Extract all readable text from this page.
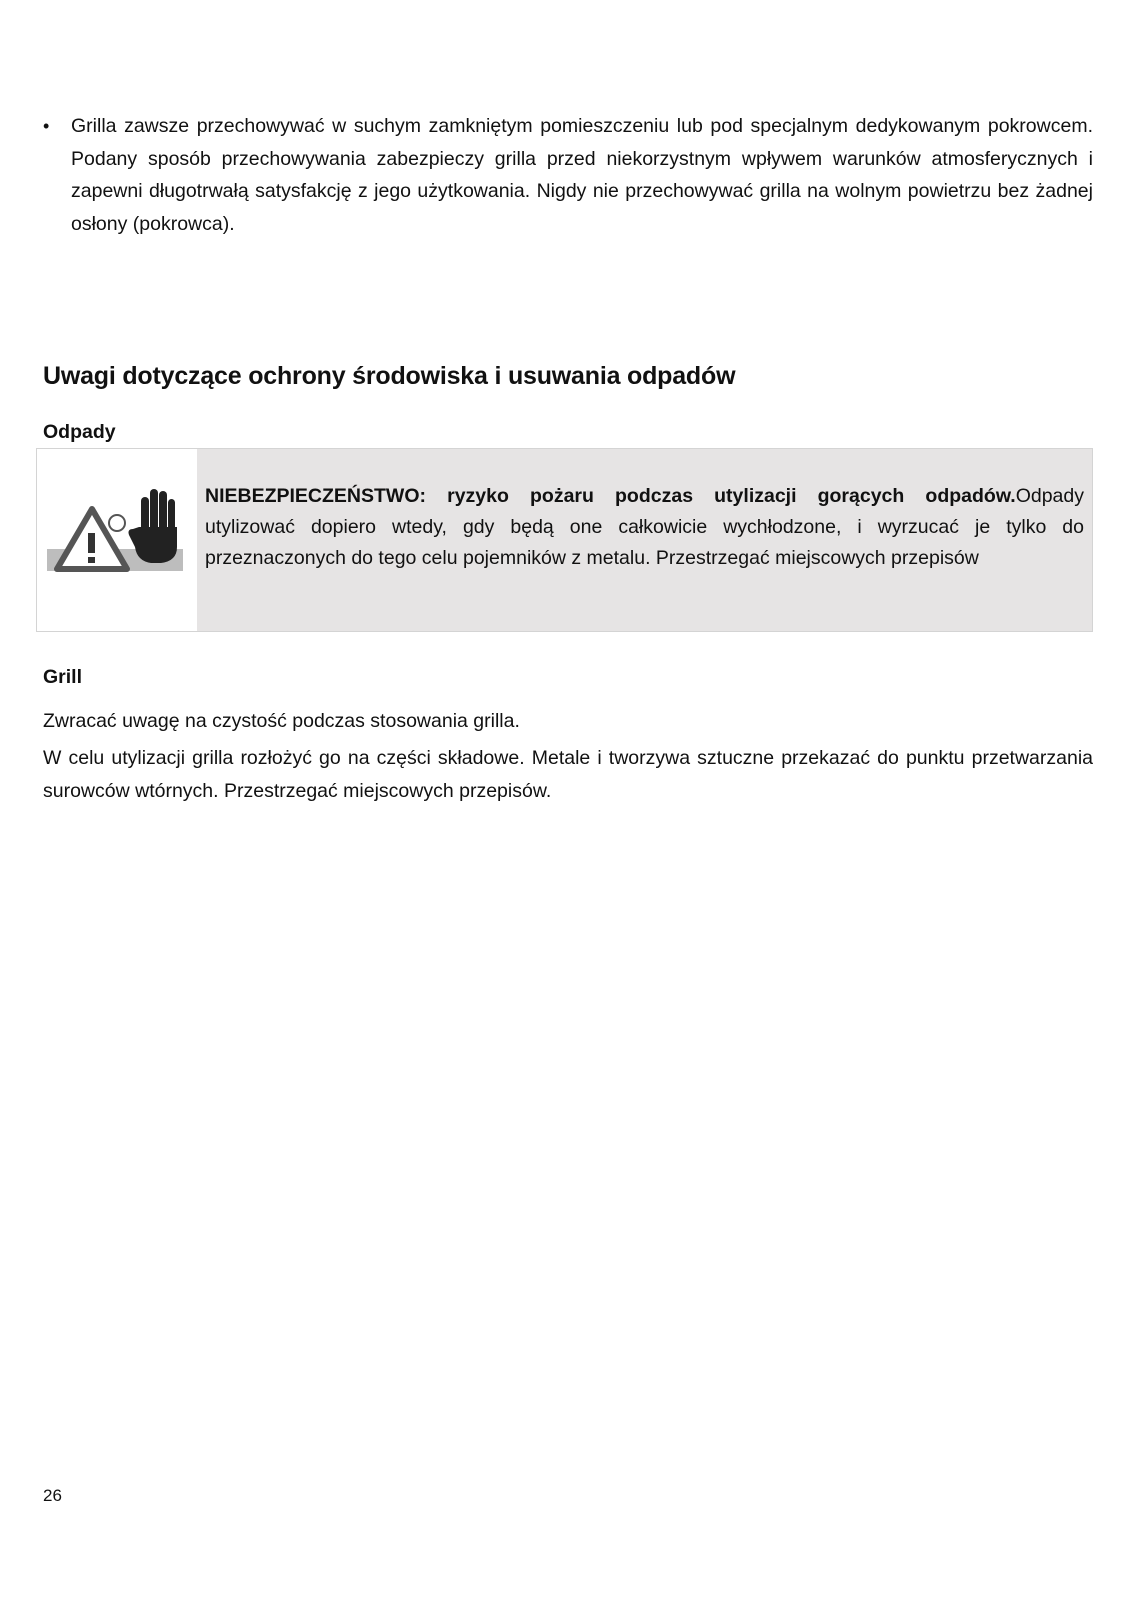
• Grilla zawsze przechowywać w suchym zamkniętym pomieszczeniu lub pod specjalnym dedykowanym pokrowcem. Podany sposób przechowywania zabezpieczy grilla przed niekorzystnym wpływem warunków atmosferycznych i zapewni długotrwałą satysfakcję z jego użytkowania. Nigdy nie przechowywać grilla na wolnym powietrzu bez żadnej osłony (pokrowca).
Uwagi dotyczące ochrony środowiska i usuwania odpadów
Odpady

NIEBEZPIECZEŃSTWO: ryzyko pożaru podczas utylizacji gorących odpadów.Odpady utylizować dopiero wtedy, gdy będą one całkowicie wychłodzone, i wyrzucać je tylko do przeznaczonych do tego celu pojemników z metalu. Przestrzegać miejscowych przepisów

Grill

Zwracać uwagę na czystość podczas stosowania grilla.

W celu utylizacji grilla rozłożyć go na części składowe. Metale i tworzywa sztuczne przekazać do punktu przetwarzania surowców wtórnych. Przestrzegać miejscowych przepisów.

26
